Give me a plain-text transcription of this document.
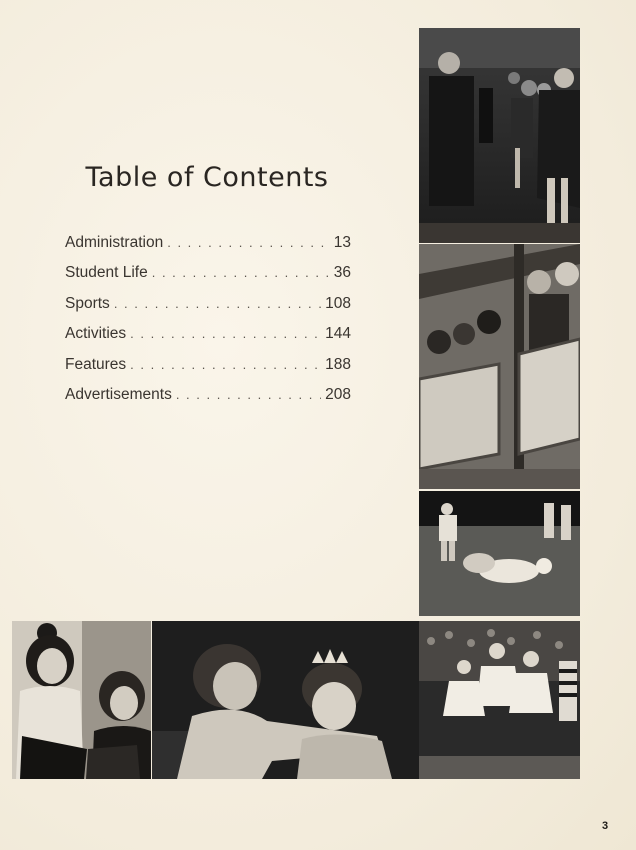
Table of Contents
Administration . . .	13
Student Life . . .	36
Sports . . .	108
Activities . . .	144
Features . . .	188
Advertisements . . .	208
3
